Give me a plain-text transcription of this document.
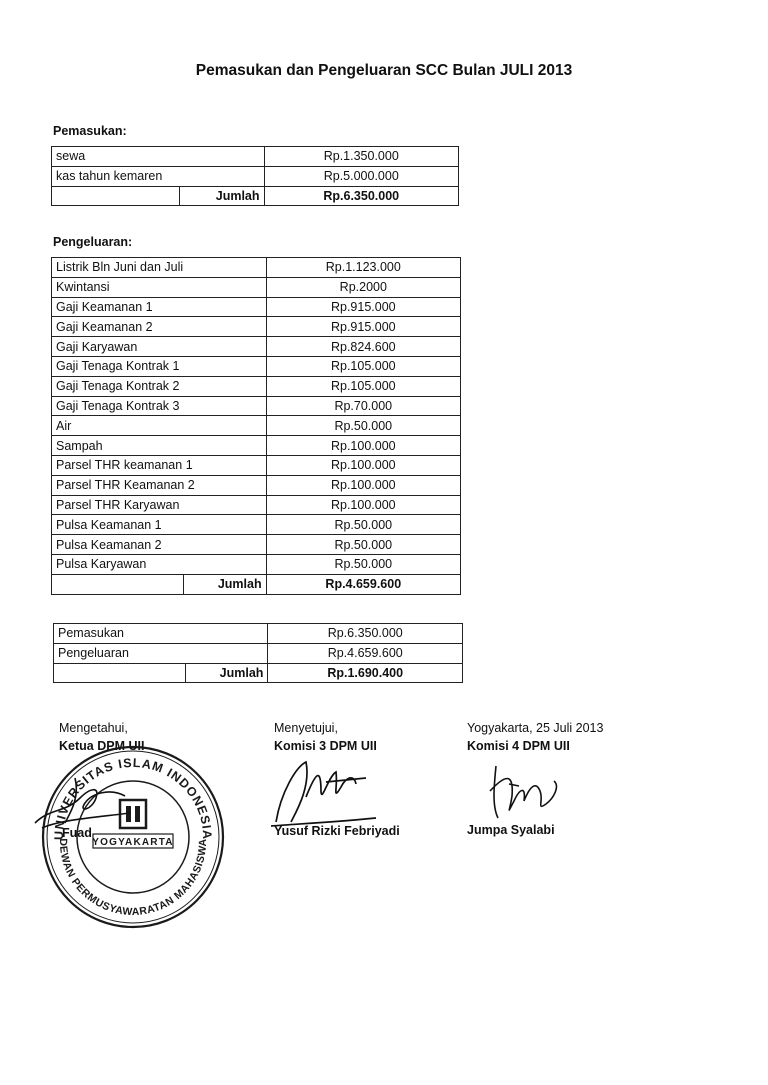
Pemasukan dan Pengeluaran SCC Bulan JULI 2013
Pemasukan:
sewa		Rp.1.350.000
kas tahun kemaren		Rp.5.000.000
	Jumlah	Rp.6.350.000
Pengeluaran:
Listrik Bln Juni dan Juli		Rp.1.123.000
Kwintansi		Rp.2000
Gaji Keamanan 1		Rp.915.000
Gaji Keamanan 2		Rp.915.000
Gaji Karyawan		Rp.824.600
Gaji Tenaga Kontrak 1		Rp.105.000
Gaji Tenaga Kontrak 2		Rp.105.000
Gaji Tenaga Kontrak 3		Rp.70.000
Air		Rp.50.000
Sampah		Rp.100.000
Parsel THR keamanan 1		Rp.100.000
Parsel THR Keamanan 2		Rp.100.000
Parsel THR Karyawan		Rp.100.000
Pulsa Keamanan 1		Rp.50.000
Pulsa Keamanan 2		Rp.50.000
Pulsa Karyawan		Rp.50.000
	Jumlah	Rp.4.659.600
Pemasukan		Rp.6.350.000
Pengeluaran		Rp.4.659.600
	Jumlah	Rp.1.690.400
Mengetahui,
Ketua DPM UII
Fuad
Menyetujui,
Komisi 3 DPM UII
Yusuf Rizki Febriyadi
Yogyakarta, 25 Juli 2013
Komisi 4 DPM UII
Jumpa Syalabi
UNIVERSITAS ISLAM INDONESIA
DEWAN PERMUSYAWARATAN MAHASISWA
YOGYAKARTA
